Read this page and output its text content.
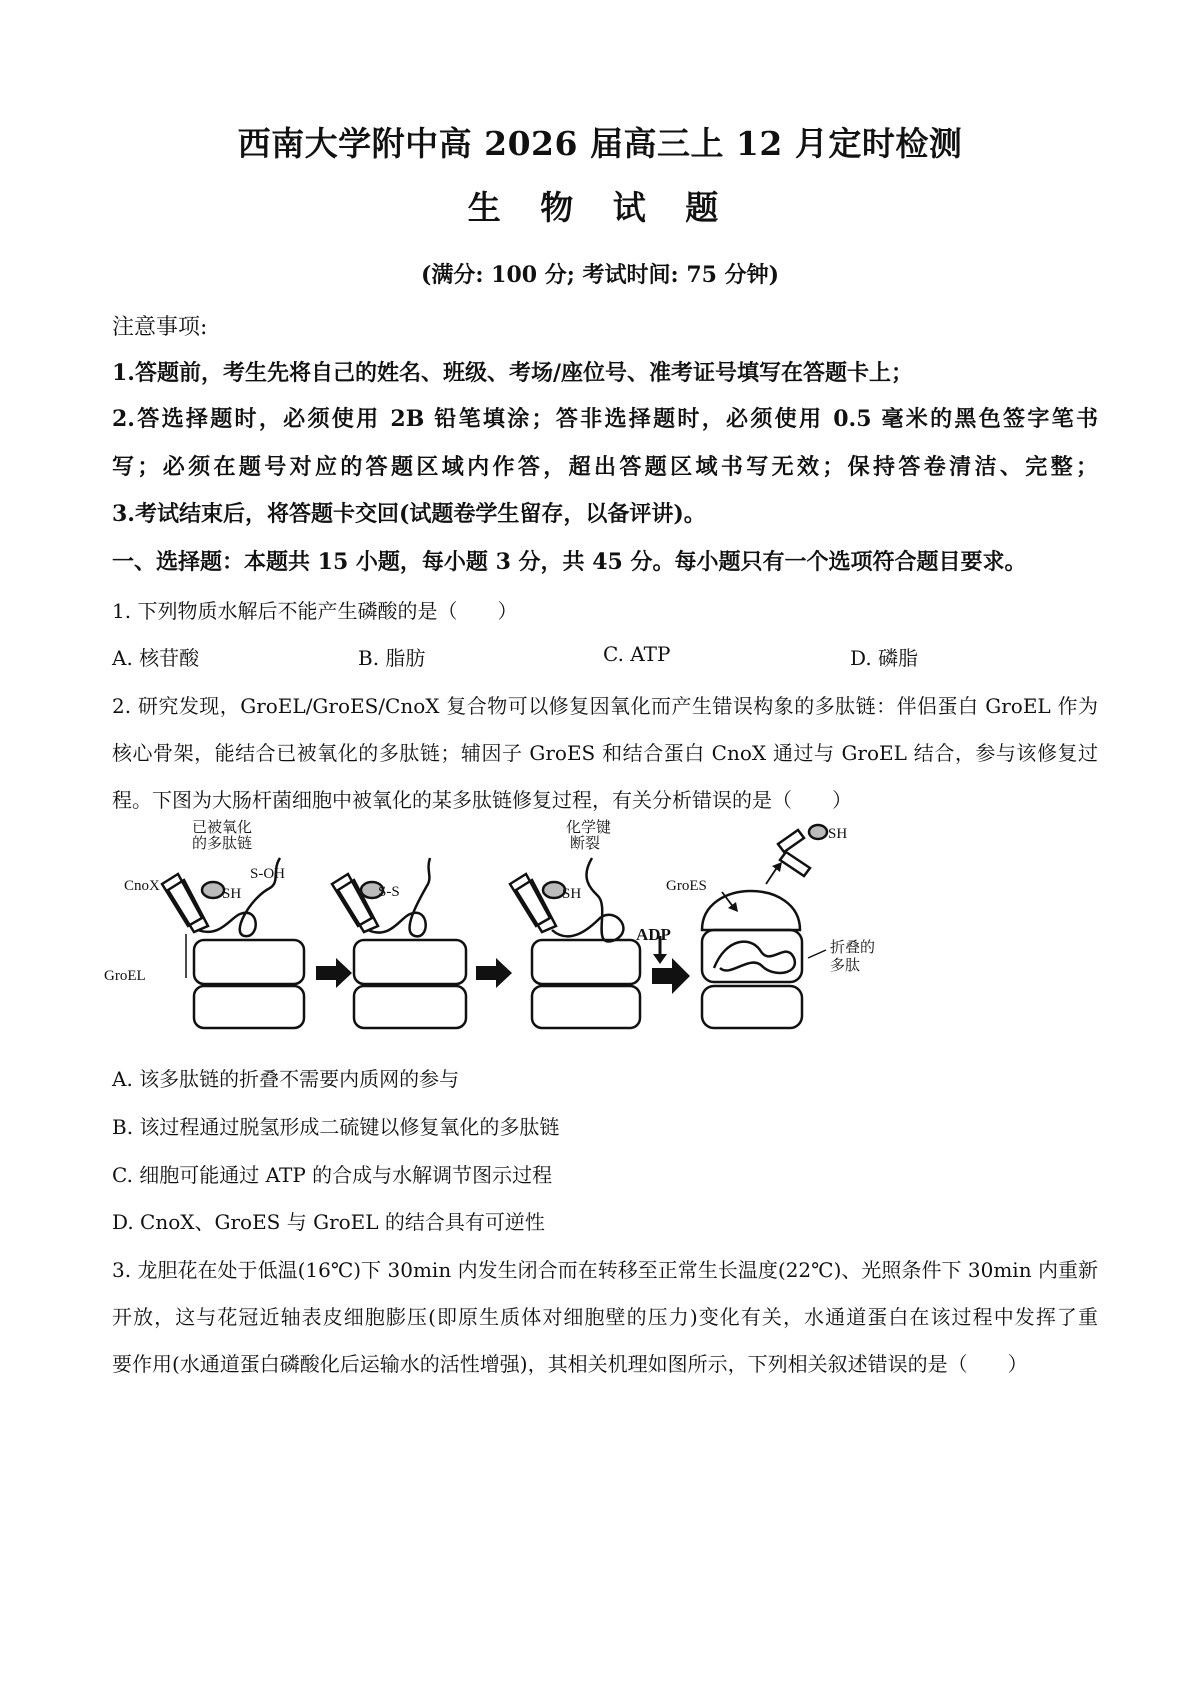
西南大学附中高 2026 届高三上 12 月定时检测
生 物 试 题
(满分: 100 分; 考试时间: 75 分钟)
注意事项:
1.答题前，考生先将自己的姓名、班级、考场/座位号、准考证号填写在答题卡上；
2.答选择题时，必须使用 2B 铅笔填涂；答非选择题时，必须使用 0.5 毫米的黑色签字笔书
写；必须在题号对应的答题区域内作答，超出答题区域书写无效；保持答卷清洁、完整；
3.考试结束后，将答题卡交回(试题卷学生留存，以备评讲)。
一、选择题：本题共 15 小题，每小题 3 分，共 45 分。每小题只有一个选项符合题目要求。
1. 下列物质水解后不能产生磷酸的是（　　）
A. 核苷酸	B. 脂肪	C. ATP	D. 磷脂
2. 研究发现，GroEL/GroES/CnoX 复合物可以修复因氧化而产生错误构象的多肽链：伴侣蛋白 GroEL 作为
核心骨架，能结合已被氧化的多肽链；辅因子 GroES 和结合蛋白 CnoX 通过与 GroEL 结合，参与该修复过
程。下图为大肠杆菌细胞中被氧化的某多肽链修复过程，有关分析错误的是（　　）
已被氧化
的多肽链
S-OH
CnoX	SH
GroEL
S-S
化学键
断裂
SH
ADP
GroES
SH
折叠的
多肽
A. 该多肽链的折叠不需要内质网的参与
B. 该过程通过脱氢形成二硫键以修复氧化的多肽链
C. 细胞可能通过 ATP 的合成与水解调节图示过程
D. CnoX、GroES 与 GroEL 的结合具有可逆性
3. 龙胆花在处于低温(16℃)下 30min 内发生闭合而在转移至正常生长温度(22℃)、光照条件下 30min 内重新
开放，这与花冠近轴表皮细胞膨压(即原生质体对细胞壁的压力)变化有关，水通道蛋白在该过程中发挥了重
要作用(水通道蛋白磷酸化后运输水的活性增强)，其相关机理如图所示，下列相关叙述错误的是（　　）
